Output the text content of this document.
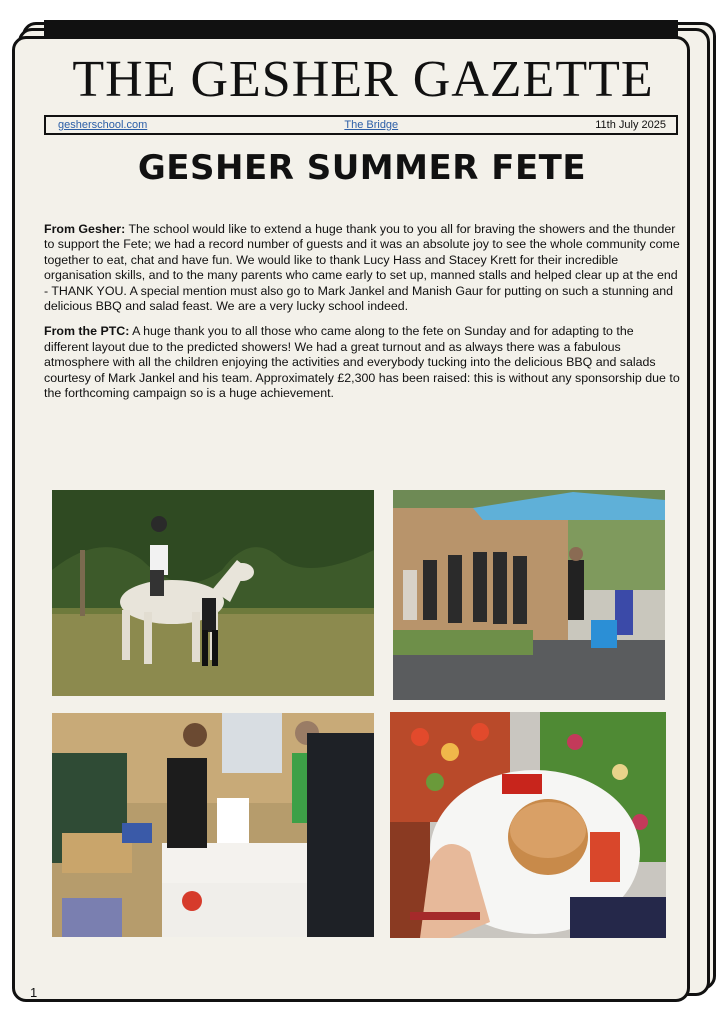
THE GESHER GAZETTE
gesherschool.com	The Bridge	11th July 2025
GESHER SUMMER FETE

From Gesher: The school would like to extend a huge thank you to you all for braving the showers and the thunder to support the Fete; we had a record number of guests and it was an absolute joy to see the whole community come together to eat, chat and have fun. We would like to thank Lucy Hass and Stacey Krett for their incredible organisation skills, and to the many parents who came early to set up, manned stalls and helped clear up at the end - THANK YOU. A special mention must also go to Mark Jankel and Manish Gaur for putting on such a stunning and delicious BBQ and salad feast. We are a very lucky school indeed.

From the PTC: A huge thank you to all those who came along to the fete on Sunday and for adapting to the different layout due to the predicted showers! We had a great turnout and as always there was a fabulous atmosphere with all the children enjoying the activities and everybody tucking into the delicious BBQ and salads courtesy of Mark Jankel and his team. Approximately £2,300 has been raised: this is without any sponsorship due to the forthcoming campaign so is a huge achievement.

1
